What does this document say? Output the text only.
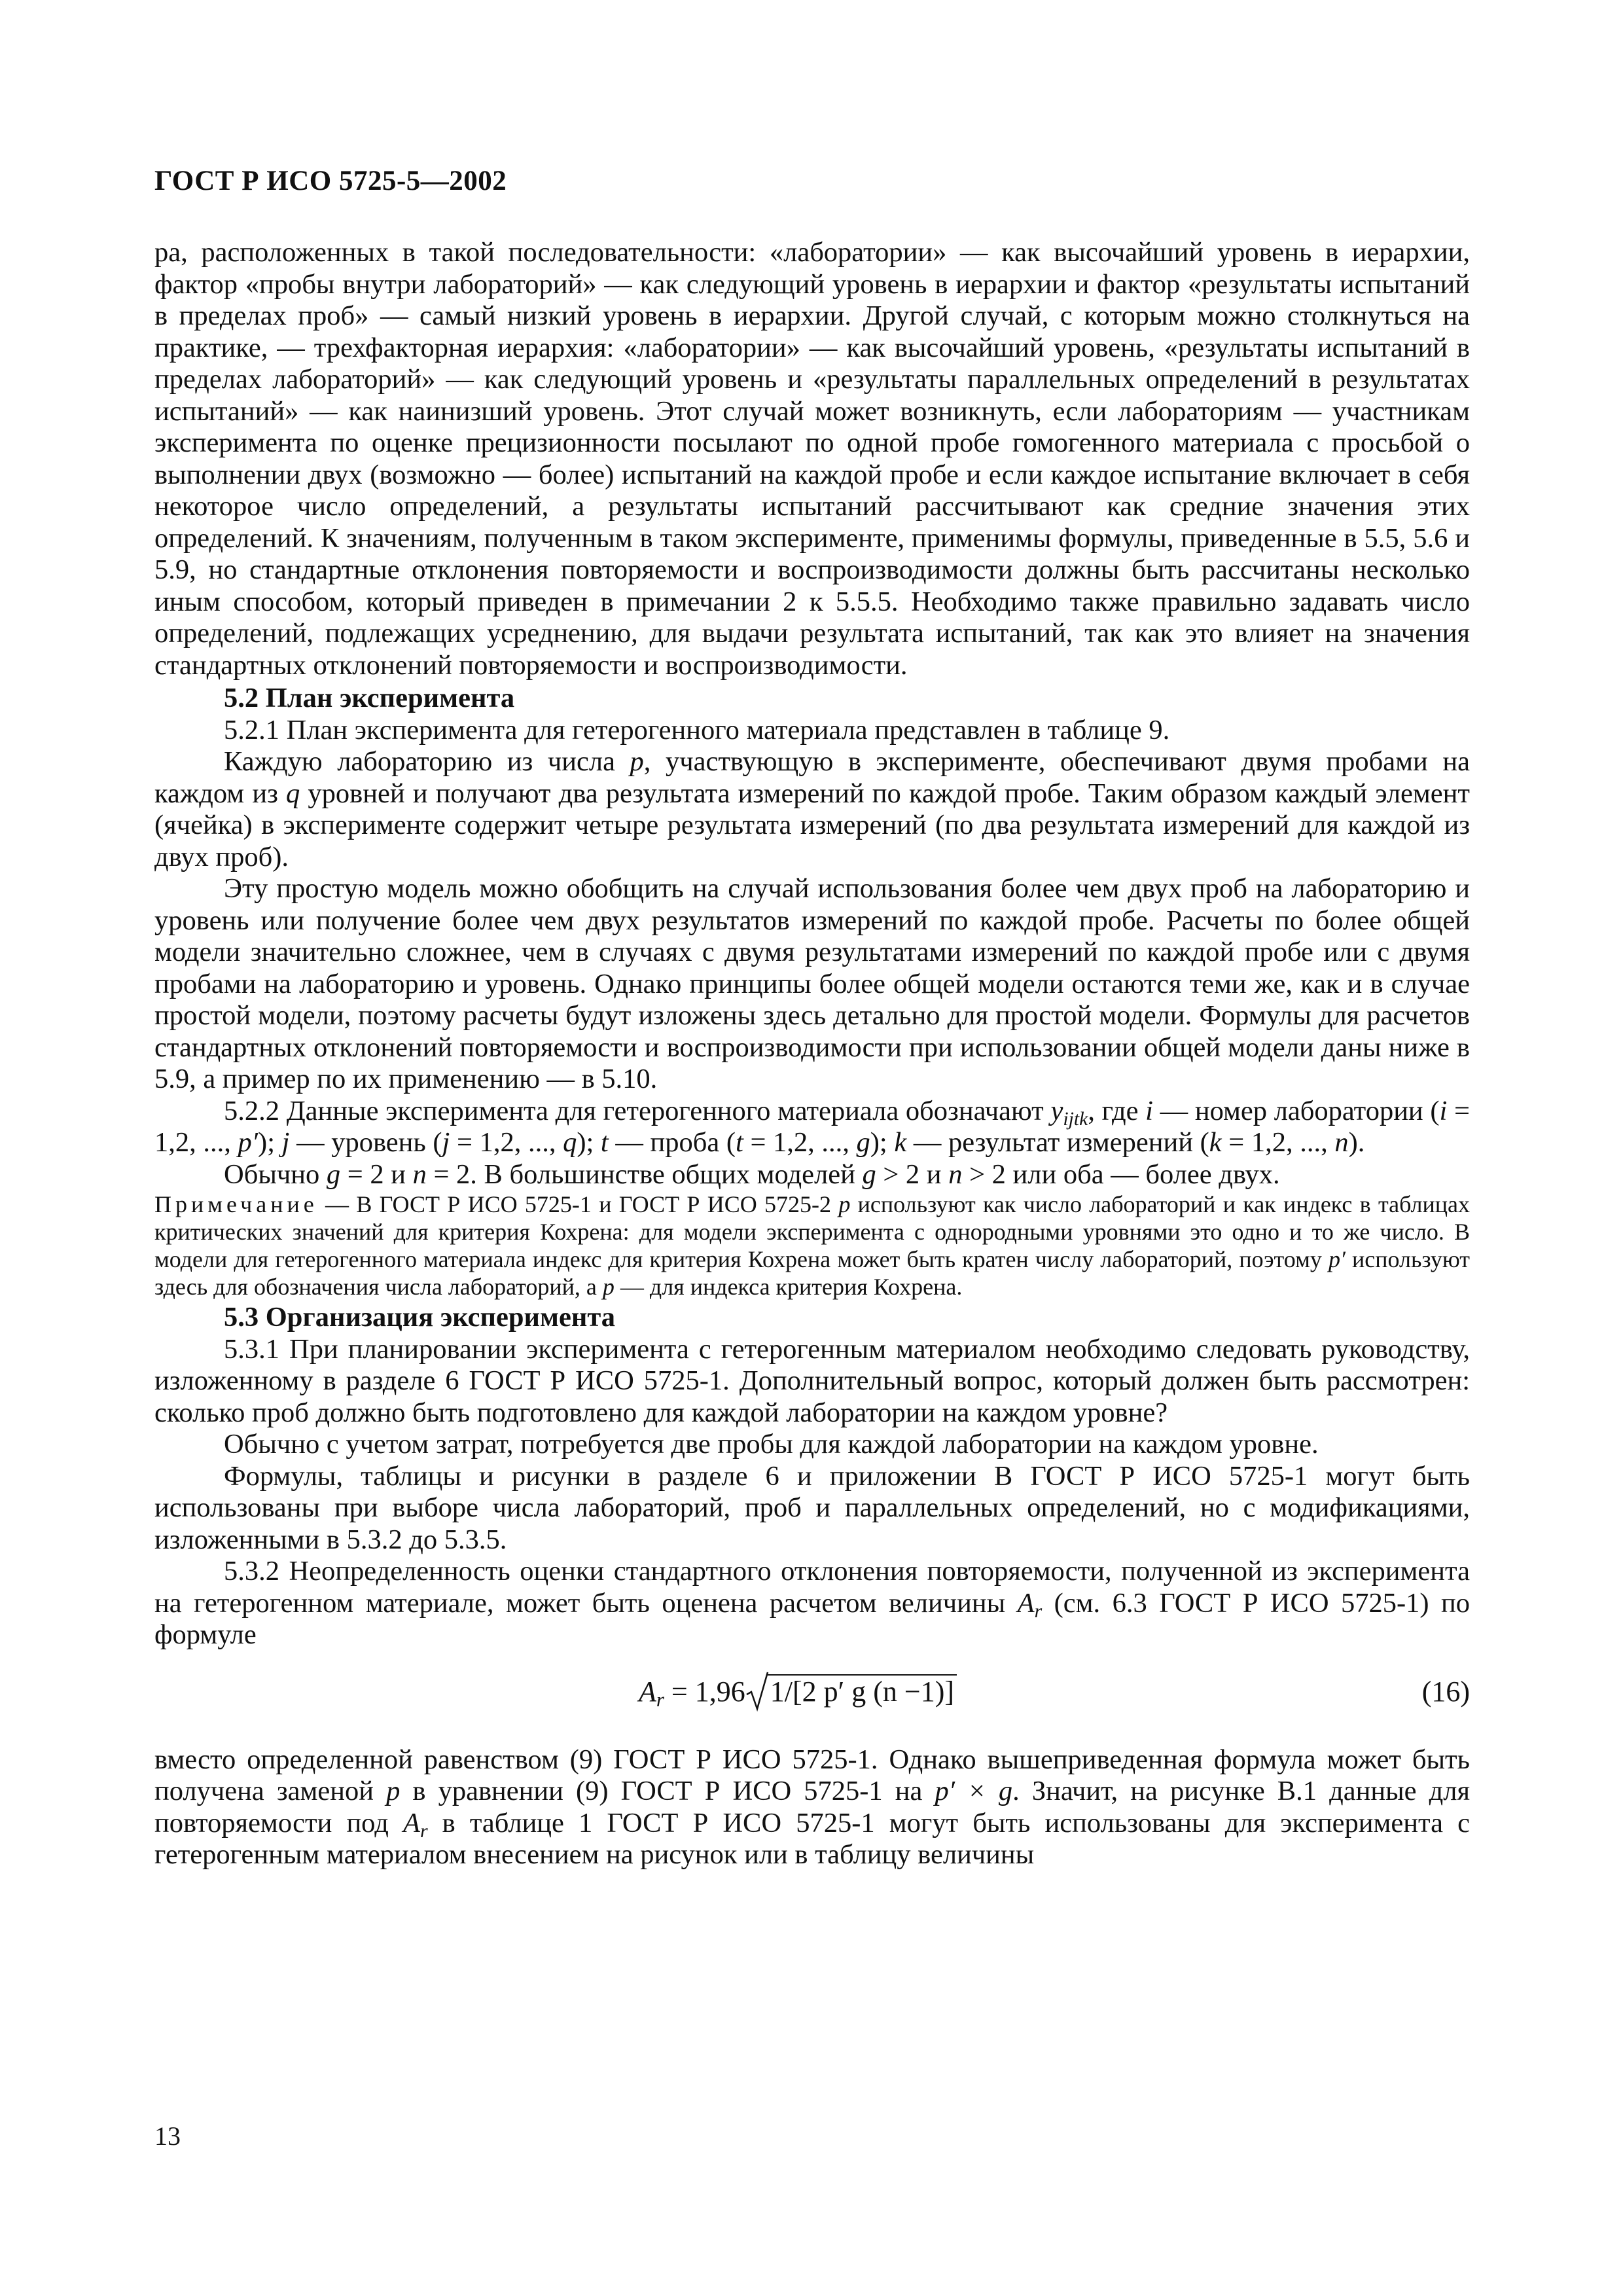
ГОСТ Р ИСО 5725-5—2002

ра, расположенных в такой последовательности: «лаборатории» — как высочайший уровень в иерархии, фактор «пробы внутри лабораторий» — как следующий уровень в иерархии и фактор «результаты испытаний в пределах проб» — самый низкий уровень в иерархии. Другой случай, с которым можно столкнуться на практике, — трехфакторная иерархия: «лаборатории» — как высочайший уровень, «результаты испытаний в пределах лабораторий» — как следующий уровень и «результаты параллельных определений в результатах испытаний» — как наинизший уровень. Этот случай может возникнуть, если лабораториям — участникам эксперимента по оценке прецизионности посылают по одной пробе гомогенного материала с просьбой о выполнении двух (возможно — более) испытаний на каждой пробе и если каждое испытание включает в себя некоторое число определений, а результаты испытаний рассчитывают как средние значения этих определений. К значениям, полученным в таком эксперименте, применимы формулы, приведенные в 5.5, 5.6 и 5.9, но стандартные отклонения повторяемости и воспроизводимости должны быть рассчитаны несколько иным способом, который приведен в примечании 2 к 5.5.5. Необходимо также правильно задавать число определений, подлежащих усреднению, для выдачи результата испытаний, так как это влияет на значения стандартных отклонений повторяемости и воспроизводимости.

5.2 План эксперимента

5.2.1 План эксперимента для гетерогенного материала представлен в таблице 9.

Каждую лабораторию из числа p, участвующую в эксперименте, обеспечивают двумя пробами на каждом из q уровней и получают два результата измерений по каждой пробе. Таким образом каждый элемент (ячейка) в эксперименте содержит четыре результата измерений (по два результата измерений для каждой из двух проб).

Эту простую модель можно обобщить на случай использования более чем двух проб на лабораторию и уровень или получение более чем двух результатов измерений по каждой пробе. Расчеты по более общей модели значительно сложнее, чем в случаях с двумя результатами измерений по каждой пробе или с двумя пробами на лабораторию и уровень. Однако принципы более общей модели остаются теми же, как и в случае простой модели, поэтому расчеты будут изложены здесь детально для простой модели. Формулы для расчетов стандартных отклонений повторяемости и воспроизводимости при использовании общей модели даны ниже в 5.9, а пример по их применению — в 5.10.

5.2.2 Данные эксперимента для гетерогенного материала обозначают $y_{ijtk}$, где i — номер лаборатории (i = 1,2, ..., p′); j — уровень (j = 1,2, ..., q); t — проба (t = 1,2, ..., g); k — результат измерений (k = 1,2, ..., n).

Обычно g = 2 и n = 2. В большинстве общих моделей g > 2 и n > 2 или оба — более двух.

Примечание — В ГОСТ Р ИСО 5725-1 и ГОСТ Р ИСО 5725-2 p используют как число лабораторий и как индекс в таблицах критических значений для критерия Кохрена: для модели эксперимента с однородными уровнями это одно и то же число. В модели для гетерогенного материала индекс для критерия Кохрена может быть кратен числу лабораторий, поэтому p′ используют здесь для обозначения числа лабораторий, а p — для индекса критерия Кохрена.

5.3 Организация эксперимента

5.3.1 При планировании эксперимента с гетерогенным материалом необходимо следовать руководству, изложенному в разделе 6 ГОСТ Р ИСО 5725-1. Дополнительный вопрос, который должен быть рассмотрен: сколько проб должно быть подготовлено для каждой лаборатории на каждом уровне?

Обычно с учетом затрат, потребуется две пробы для каждой лаборатории на каждом уровне.

Формулы, таблицы и рисунки в разделе 6 и приложении В ГОСТ Р ИСО 5725-1 могут быть использованы при выборе числа лабораторий, проб и параллельных определений, но с модификациями, изложенными в 5.3.2 до 5.3.5.

5.3.2 Неопределенность оценки стандартного отклонения повторяемости, полученной из эксперимента на гетерогенном материале, может быть оценена расчетом величины $A_r$ (см. 6.3 ГОСТ Р ИСО 5725-1) по формуле

$A_r = 1,96$ 1/[2 p′ g (n −1)]	(16)

вместо определенной равенством (9) ГОСТ Р ИСО 5725-1. Однако вышеприведенная формула может быть получена заменой p в уравнении (9) ГОСТ Р ИСО 5725-1 на p′ × g. Значит, на рисунке В.1 данные для повторяемости под $A_r$ в таблице 1 ГОСТ Р ИСО 5725-1 могут быть использованы для эксперимента с гетерогенным материалом внесением на рисунок или в таблицу величины

13
